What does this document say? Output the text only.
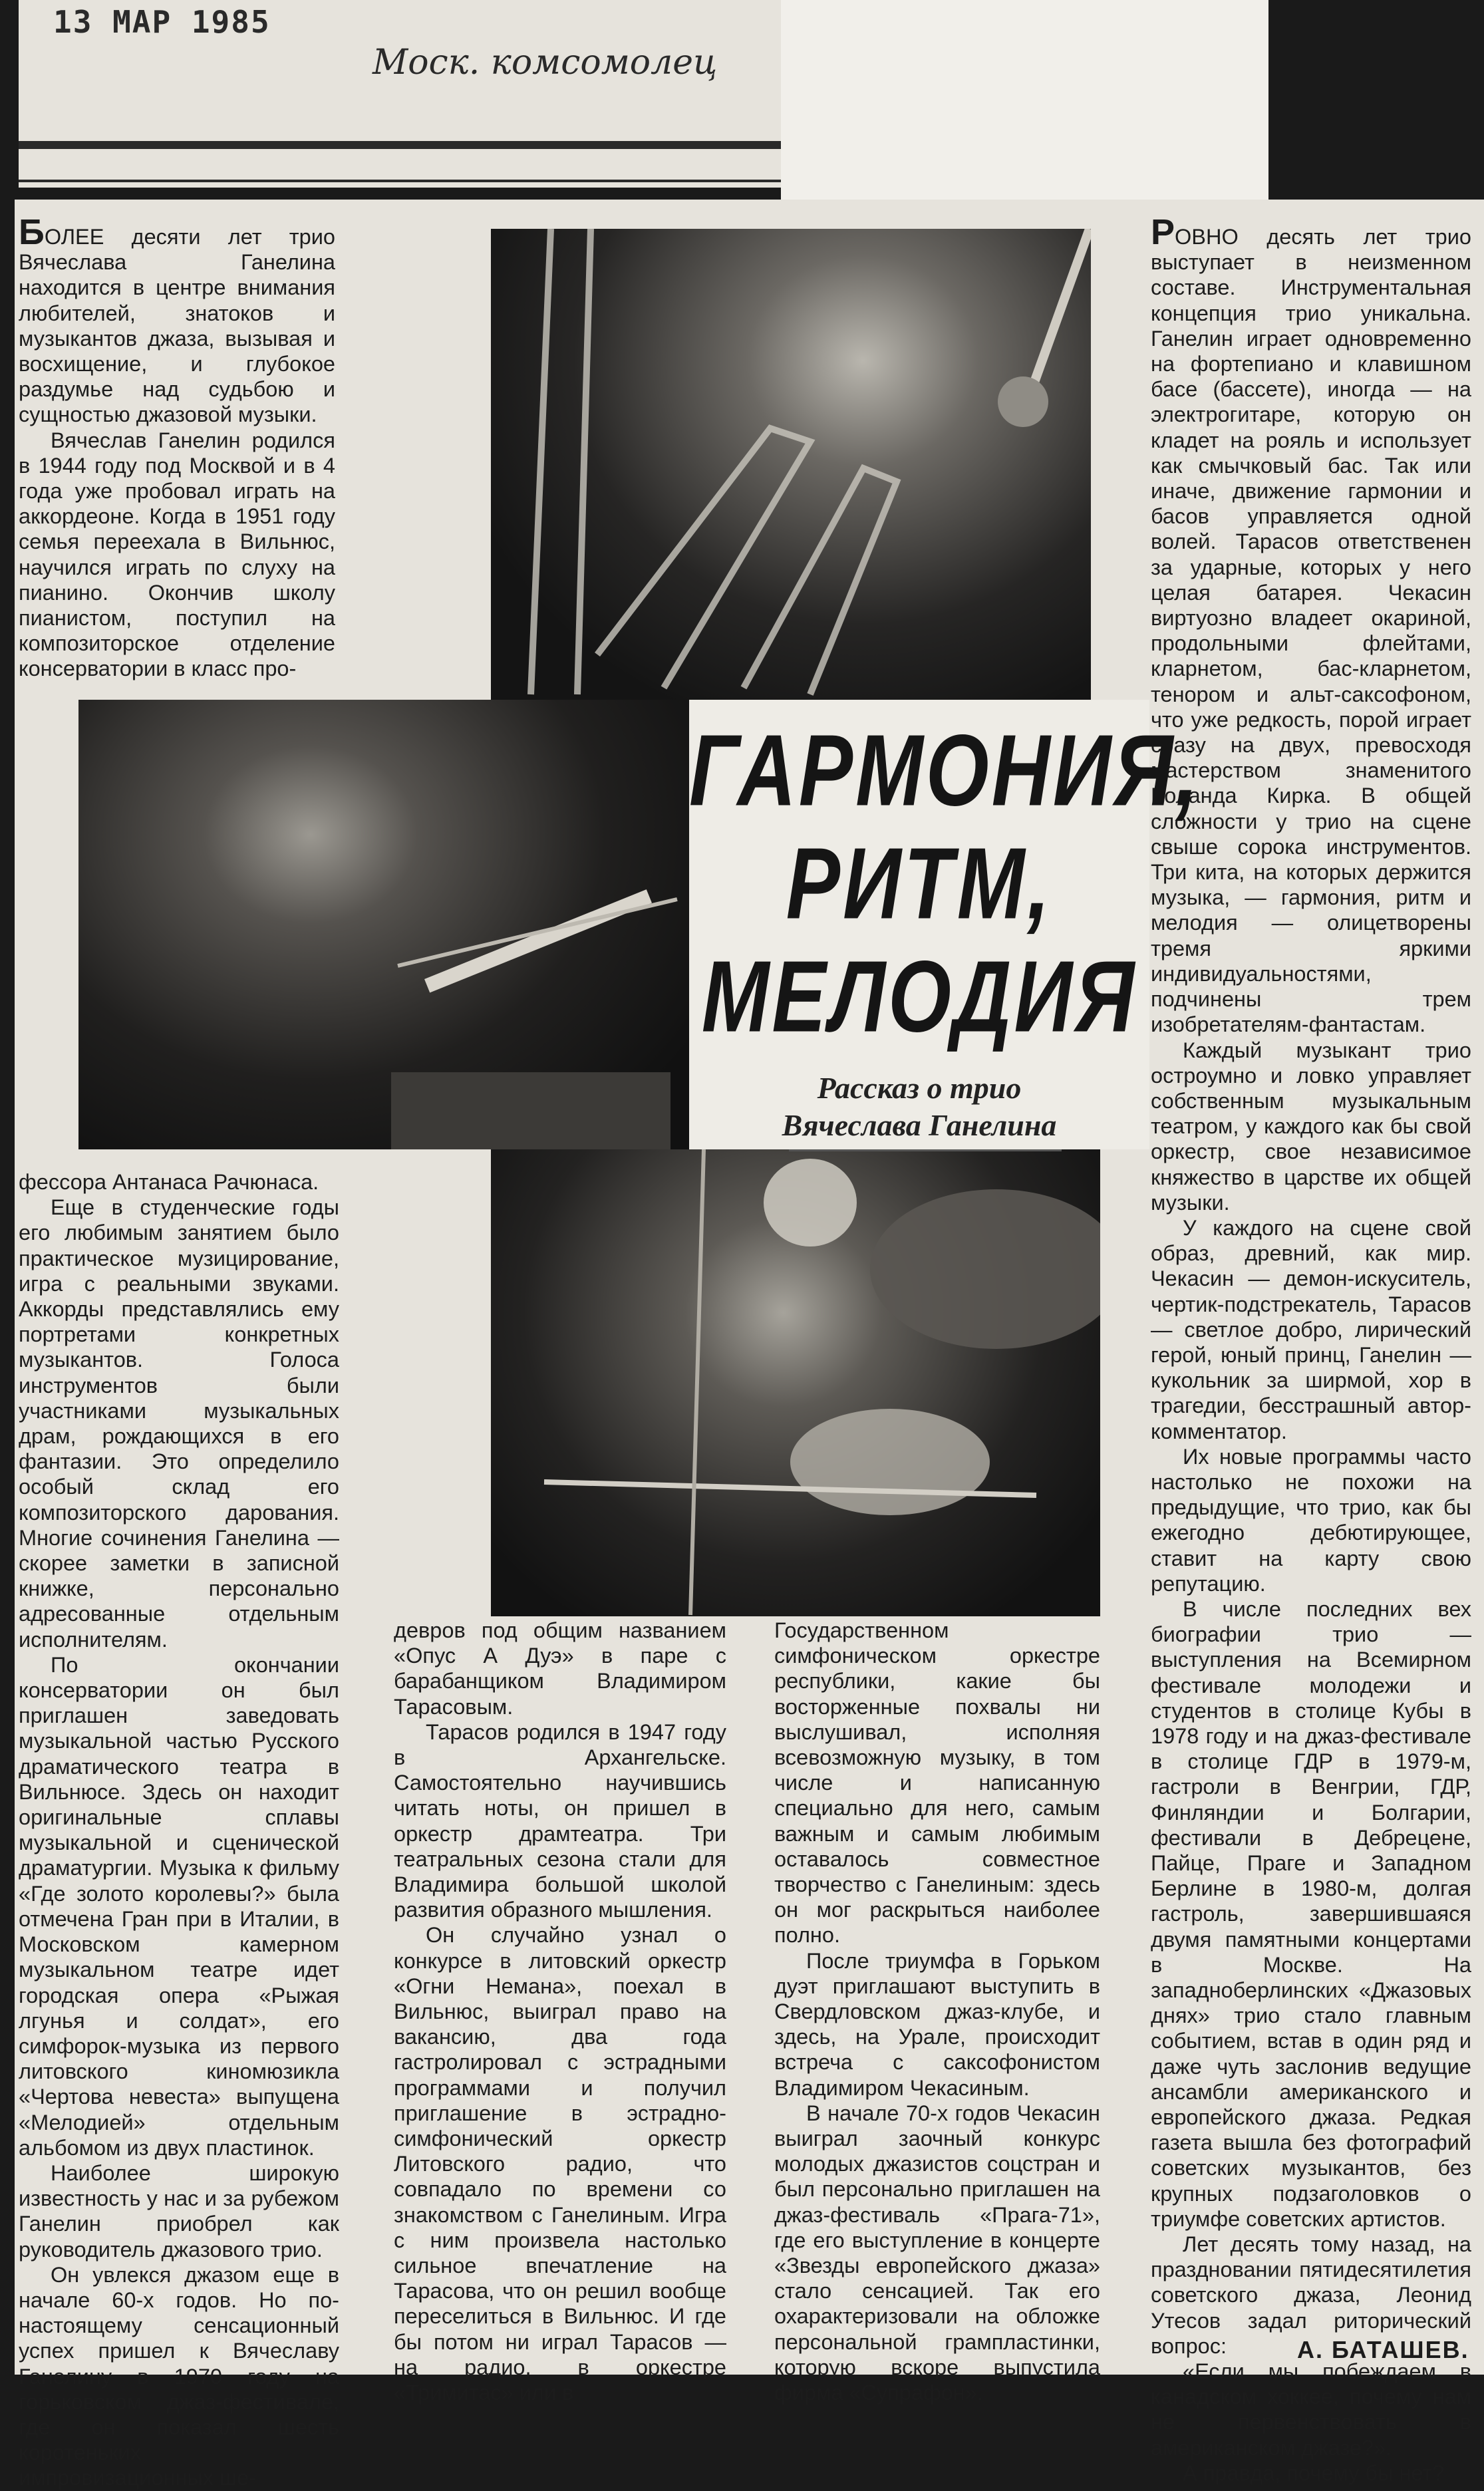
13 МАР 1985
Моск. комсомолец

БОЛЕЕ десяти лет трио Вячеслава Ганелина находится в центре внимания любителей, знатоков и музыкантов джаза, вызывая и восхищение, и глубокое раздумье над судьбою и сущностью джазовой музыки.

Вячеслав Ганелин родился в 1944 году под Москвой и в 4 года уже пробовал играть на аккордеоне. Когда в 1951 году семья переехала в Вильнюс, научился играть по слуху на пианино. Окончив школу пианистом, поступил на композиторское отделение консерватории в класс про-

фессора Антанаса Рачюнаса.

Еще в студенческие годы его любимым занятием было практическое музицирование, игра с реальными звуками. Аккорды представлялись ему портретами конкретных музыкантов. Голоса инструментов были участниками музыкальных драм, рождающихся в его фантазии. Это определило особый склад его композиторского дарования. Многие сочинения Ганелина — скорее заметки в записной книжке, персонально адресованные отдельным исполнителям.

По окончании консерватории он был приглашен заведовать музыкальной частью Русского драматического театра в Вильнюсе. Здесь он находит оригинальные сплавы музыкальной и сценической драматургии. Музыка к фильму «Где золото королевы?» была отмечена Гран при в Италии, в Московском камерном музыкальном театре идет городская опера «Рыжая лгунья и солдат», его симфорок-музыка из первого литовского киномюзикла «Чертова невеста» выпущена «Мелодией» отдельным альбомом из двух пластинок.

Наиболее широкую известность у нас и за рубежом Ганелин приобрел как руководитель джазового трио.

Он увлекся джазом еще в начале 60-х годов. Но по-настоящему сенсационный успех пришел к Вячеславу Ганелину в 1970 году на горьковском джаз-фестивале, где он показал шесть коротеньких импровизационных ше-

девров под общим названием «Опус А Дуэ» в паре с барабанщиком Владимиром Тарасовым.

Тарасов родился в 1947 году в Архангельске. Самостоятельно научившись читать ноты, он пришел в оркестр драмтеатра. Три театральных сезона стали для Владимира большой школой развития образного мышления.

Он случайно узнал о конкурсе в литовский оркестр «Огни Немана», поехал в Вильнюс, выиграл право на вакансию, два года гастролировал с эстрадными программами и получил приглашение в эстрадно-симфонический оркестр Литовского радио, что совпадало по времени со знакомством с Ганелиным. Игра с ним произвела настолько сильное впечатление на Тарасова, что он решил вообще переселиться в Вильнюс. И где бы потом ни играл Тарасов — на радио, в оркестре «Тримитас» или в

Государственном симфоническом оркестре республики, какие бы восторженные похвалы ни выслушивал, исполняя всевозможную музыку, в том числе и написанную специально для него, самым важным и самым любимым оставалось совместное творчество с Ганелиным: здесь он мог раскрыться наиболее полно.

После триумфа в Горьком дуэт приглашают выступить в Свердловском джаз-клубе, и здесь, на Урале, происходит встреча с саксофонистом Владимиром Чекасиным.

В начале 70-х годов Чекасин выиграл заочный конкурс молодых джазистов соцстран и был персонально приглашен на джаз-фестиваль «Прага-71», где его выступление в концерте «Звезды европейского джаза» стало сенсацией. Так его охарактеризовали на обложке персональной грампластинки, которую вскоре выпустила фирма «Супрафон».

РОВНО десять лет трио выступает в неизменном составе. Инструментальная концепция трио уникальна. Ганелин играет одновременно на фортепиано и клавишном басе (бассете), иногда — на электрогитаре, которую он кладет на рояль и использует как смычковый бас. Так или иначе, движение гармонии и басов управляется одной волей. Тарасов ответственен за ударные, которых у него целая батарея. Чекасин виртуозно владеет окариной, продольными флейтами, кларнетом, бас-кларнетом, тенором и альт-саксофоном, что уже редкость, порой играет сразу на двух, превосходя мастерством знаменитого Роланда Кирка. В общей сложности у трио на сцене свыше сорока инструментов. Три кита, на которых держится музыка, — гармония, ритм и мелодия — олицетворены тремя яркими индивидуальностями, подчинены трем изобретателям-фантастам.

Каждый музыкант трио остроумно и ловко управляет собственным музыкальным театром, у каждого как бы свой оркестр, свое независимое княжество в царстве их общей музыки.

У каждого на сцене свой образ, древний, как мир. Чекасин — демон-искуситель, чертик-подстрекатель, Тарасов — светлое добро, лирический герой, юный принц, Ганелин — кукольник за ширмой, хор в трагедии, бесстрашный автор-комментатор.

Их новые программы часто настолько не похожи на предыдущие, что трио, как бы ежегодно дебютирующее, ставит на карту свою репутацию.

В числе последних вех биографии трио — выступления на Всемирном фестивале молодежи и студентов в столице Кубы в 1978 году и на джаз-фестивале в столице ГДР в 1979-м, гастроли в Венгрии, ГДР, Финляндии и Болгарии, фестивали в Дебрецене, Пайце, Праге и Западном Берлине в 1980-м, долгая гастроль, завершившаяся двумя памятными концертами в Москве. На западноберлинских «Джазовых днях» трио стало главным событием, встав в один ряд и даже чуть заслонив ведущие ансамбли американского и европейского джаза. Редкая газета вышла без фотографий советских музыкантов, без крупных подзаголовков о триумфе советских артистов.

Лет десять тому назад, на праздновании пятидесятилетия советского джаза, Леонид Утесов задал риторический вопрос:

«Если мы побеждаем в канадском хоккее, почему нам не первенствовать в американском джазе?».

А правда, почему бы нет?

А. БАТАШЕВ.
ГАРМОНИЯ,
РИТМ,
МЕЛОДИЯ
Рассказ о трио
Вячеслава Ганелина
